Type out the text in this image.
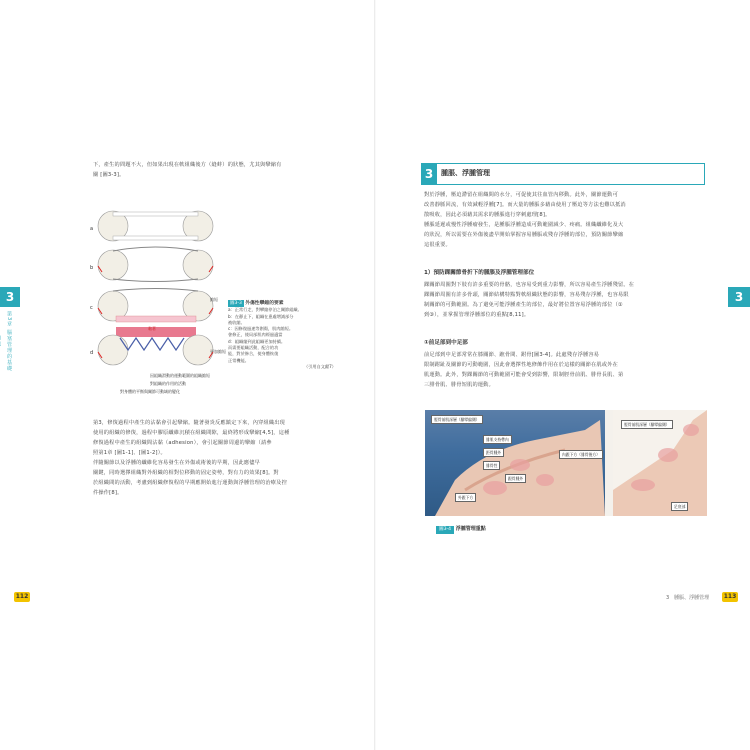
3
第3章 腦塞管理的基礎
112

下，產生的問題不大，但如果出現在軟組織後方（縫蚌）的狀態，尤其與攣縮有

關 [圖3-3]。

a
b
c
d
縮短
黏著
更加縮短
因組織滑動的運動範圍的組織縮短
對組織的作用的活動
對身體的平衡與關節可動域的變化
圖3-3 外傷性攣縮的要素
a：正常行走，對攣縮停泊之關節組織。
b：在靜止下，組織在患處增減部分
被收縮。
c：因修復過速等創傷，肌肉縮短。
會修正，使局部肌肉經過適當
d：組織縮到此組織更加持續。
而需要組織活動，配合的功
能，對於修合，使身體恢復
正常機能。
（引用自文獻7）

第3，修復過程中產生的沾黏會引起攣縮。隨著發炎反應鎮定下來，內穿組織出現

使用的組織的修復，過程中膠原纖維沉積在組織間隙，最終將形成攣縮[4,5]，這種

修復過程中產生的組織間沾黏（adhesion），會引起關節周邊的攣縮（請參

照第1章 [圖1-1]、[圖1-2]）。

伴隨關節以及浮腫的纖維化容易發生在外傷或術後的早期，因此應儘早

關鍵，同時選擇組織對外組織的相對位移動的固定姿勢，對有力的效果[8]。對

於組織間的活動，考慮到組織修復程的早期應開始進行運動與浮腫管理的治療及控

件操作[8]。

3
113
3　腫脹、浮腫管理
3	腫脹、浮腫管理

對於浮腫，壓迫滯留在組織間的水分，可促使其往血管內移動。此外，關節運動可

改善靜脈回流，有效減輕浮腫[7]。而大量的腫脹多藉由使用了壓迫等方法也難以抵消

散吸收，因此必須藉其需求的腫脹進行穿刺處理[8]。

腫脹延遲或慢性浮腫瘤發生，是腫脹浮腫造成可動範圍減少、疼痛。組織纖維化及大

的狀況，所以需要在外傷後盡早開始掌握容易腫脹或殘存浮腫的部位，預防關節攣縮

這很重要。

1）預防踝關節骨折下的腫脹及浮腫管理部位

踝關節周圍對下肢有許多重要的骨骼，也容易受到重力影響，所以容易產生浮腫殘留。在

踝關節周圍有許多骨頭，關節結構特點對軟組織狀態的影響，容易殘存浮腫，也容易限

制關節的可動範圍。為了避免可能浮腫產生的部位，最好將位置容易浮腫的部位（①

到③），並掌握管理浮腫部位的重點[8,11]。

①前足部到中足部

前足部到中足部常常在膝關節、蹠骨間、跗骨[圖3-4]。此處殘存浮腫容易

限制跗趾及關節的可動範圍，因此會選擇性地修飾作用在於這樣的關節在肌或外在

肌運動。此外，對踝關節的可動範圍可能會受到影響，限制脛骨前肌、腓骨長肌、第

三腓骨肌、腓骨短肌的運動。

脛骨前肌深層（腳掌偏側）
腓肌支持帶內
距骨腫外
腓骨性
跟骨腫外
外跟下方
內跟下方（腓骨後方）
脛骨前肌深層（腳掌偏側）
足底部
圖3-4 浮腫管理重點
